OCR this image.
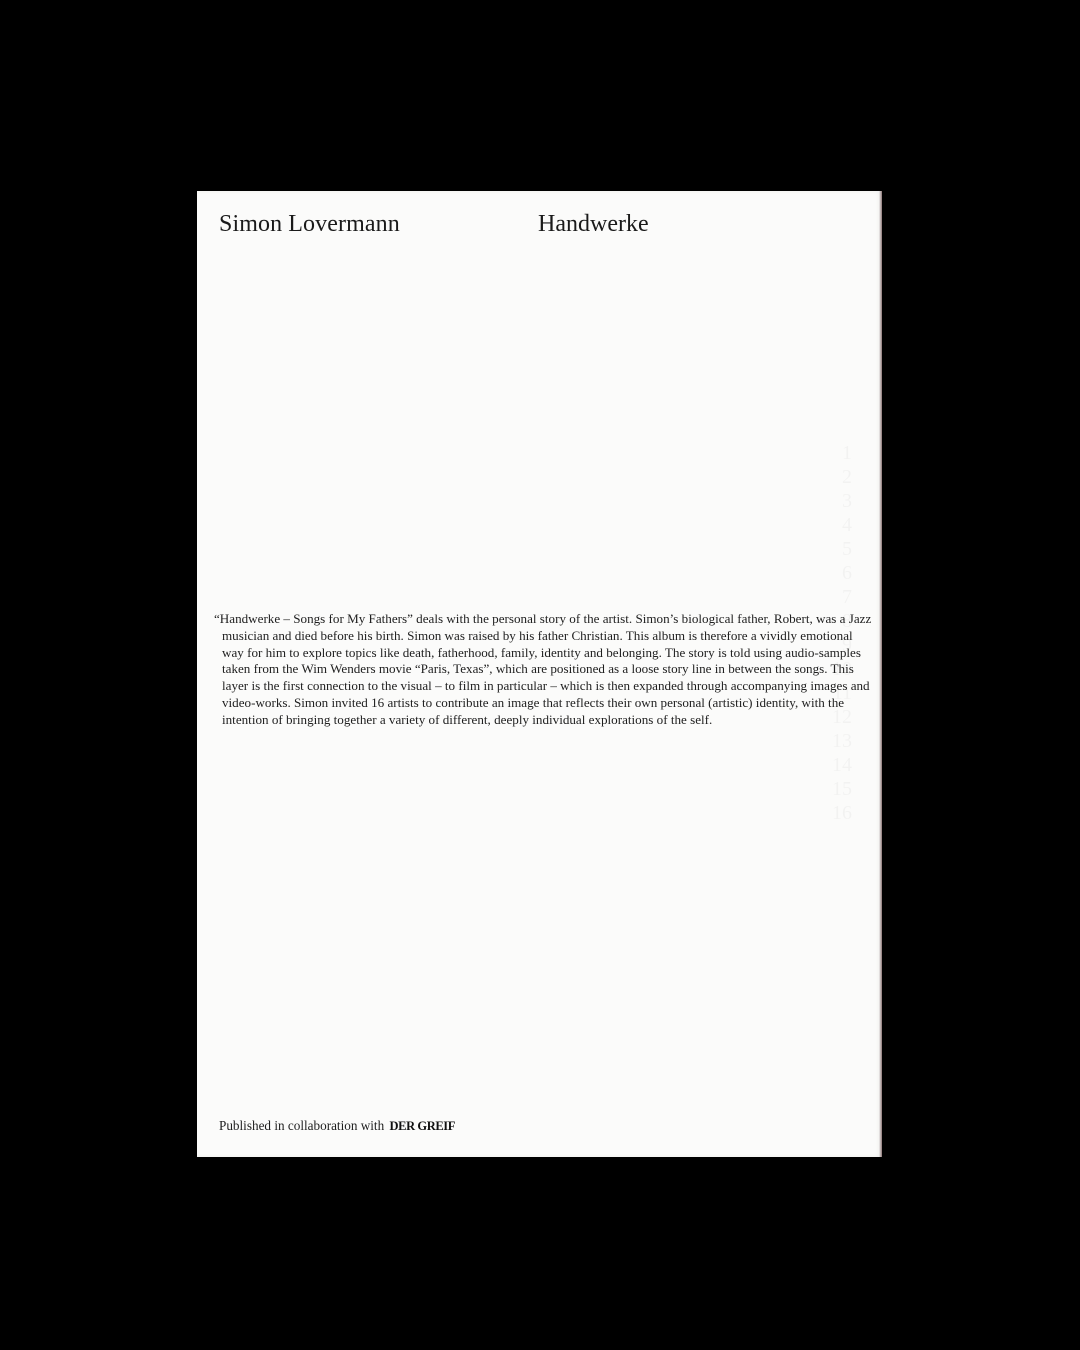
Simon Lovermann	Handwerke

“Handwerke – Songs for My Fathers” deals with the personal story of the artist. Simon’s biological father, Robert, was a Jazz musician and died before his birth. Simon was raised by his father Christian. This album is therefore a vividly emotional way for him to explore topics like death, fatherhood, family, identity and belonging. The story is told using audio-samples taken from the Wim Wenders movie “Paris, Texas”, which are positioned as a loose story line in between the songs. This layer is the first connection to the visual – to film in particular – which is then expanded through accompanying images and video-works. Simon invited 16 artists to contribute an image that reflects their own personal (artistic) identity, with the intention of bringing together a variety of different, deeply individual explorations of the self.

Published in collaboration with DER GREIF
